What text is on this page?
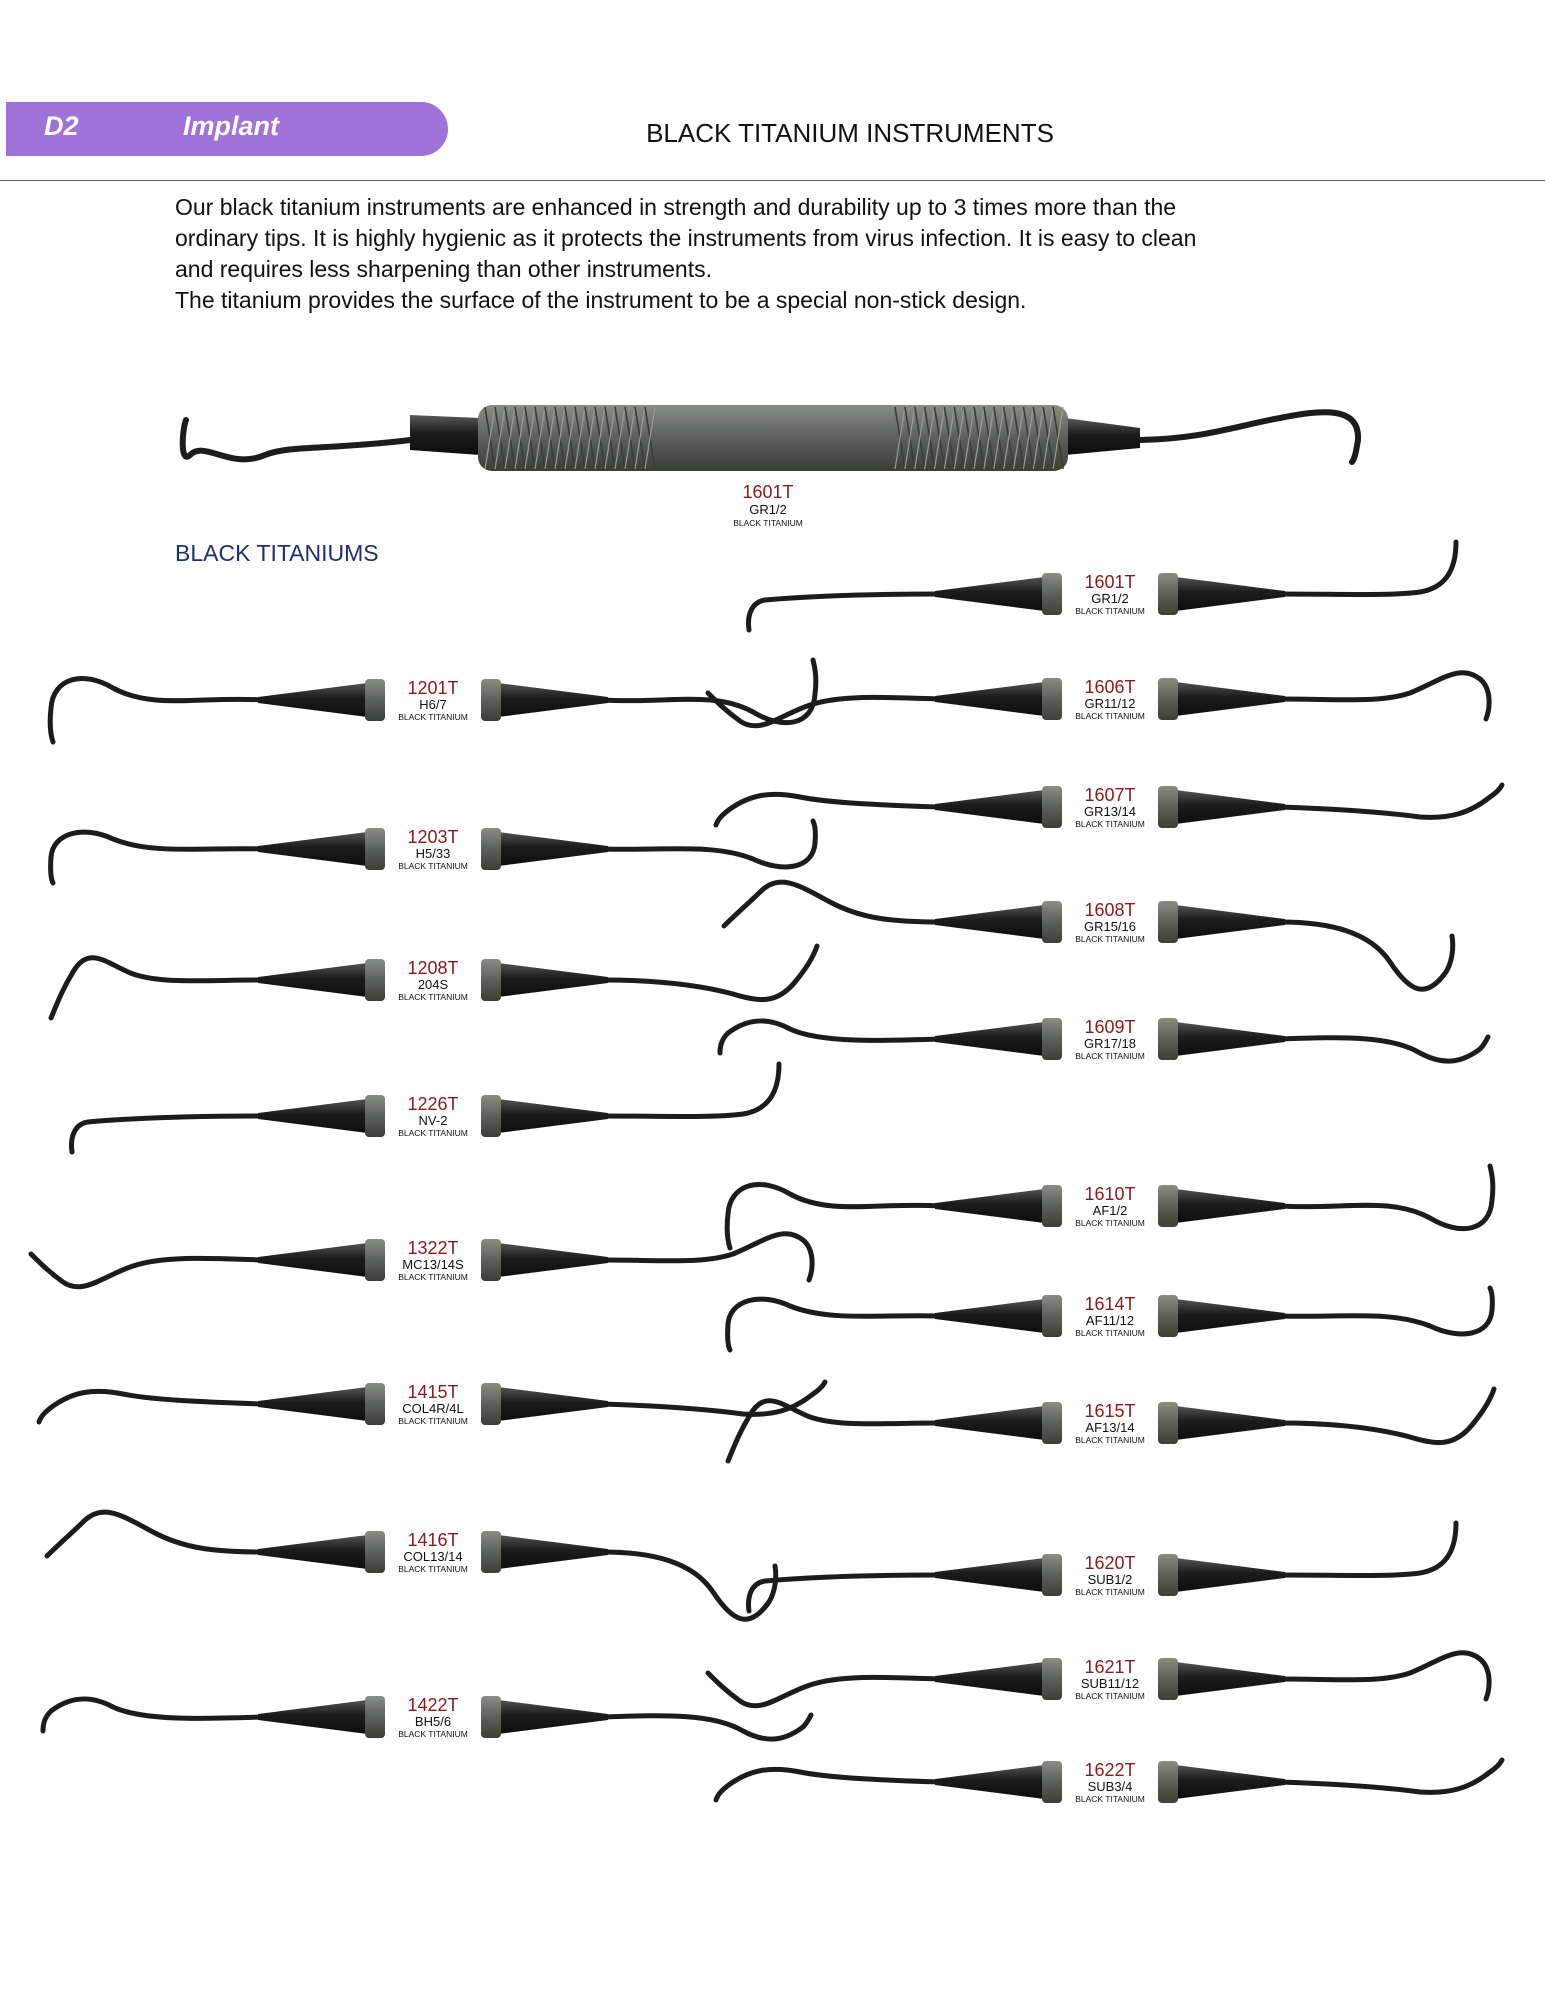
D2	Implant	BLACK TITANIUM INSTRUMENTS

Our black titanium instruments are enhanced in strength and durability up to 3 times more than the

ordinary tips. It is highly hygienic as it protects the instruments from virus infection. It is easy to clean

and requires less sharpening than other instruments.

The titanium provides the surface of the instrument to be a special non-stick design.

BLACK TITANIUMS
1601T
GR1/2
BLACK TITANIUM
1201T
H6/7
BLACK TITANIUM
1203T
H5/33
BLACK TITANIUM
1208T
204S
BLACK TITANIUM
1226T
NV-2
BLACK TITANIUM
1322T
MC13/14S
BLACK TITANIUM
1415T
COL4R/4L
BLACK TITANIUM
1416T
COL13/14
BLACK TITANIUM
1422T
BH5/6
BLACK TITANIUM
1601T
GR1/2
BLACK TITANIUM
1606T
GR11/12
BLACK TITANIUM
1607T
GR13/14
BLACK TITANIUM
1608T
GR15/16
BLACK TITANIUM
1609T
GR17/18
BLACK TITANIUM
1610T
AF1/2
BLACK TITANIUM
1614T
AF11/12
BLACK TITANIUM
1615T
AF13/14
BLACK TITANIUM
1620T
SUB1/2
BLACK TITANIUM
1621T
SUB11/12
BLACK TITANIUM
1622T
SUB3/4
BLACK TITANIUM
